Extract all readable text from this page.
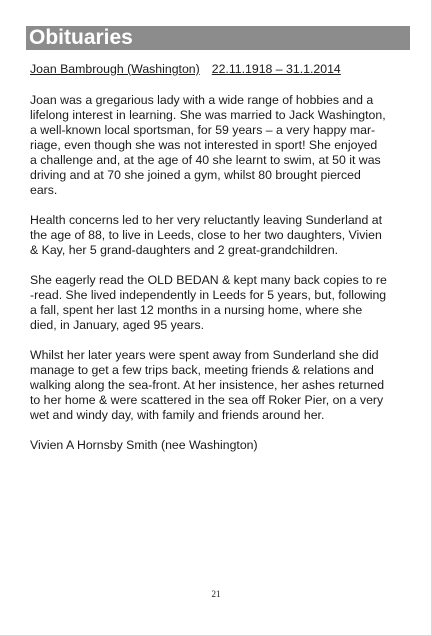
Obituaries
Joan Bambrough (Washington) 22.11.1918 – 31.1.2014

Joan was a gregarious lady with a wide range of hobbies and a
lifelong interest in learning. She was married to Jack Washington,
a well-known local sportsman, for 59 years – a very happy mar-
riage, even though she was not interested in sport! She enjoyed
a challenge and, at the age of 40 she learnt to swim, at 50 it was
driving and at 70 she joined a gym, whilst 80 brought pierced
ears.

Health concerns led to her very reluctantly leaving Sunderland at
the age of 88, to live in Leeds, close to her two daughters, Vivien
& Kay, her 5 grand-daughters and 2 great-grandchildren.

She eagerly read the OLD BEDAN & kept many back copies to re
-read. She lived independently in Leeds for 5 years, but, following
a fall, spent her last 12 months in a nursing home, where she
died, in January, aged 95 years.

Whilst her later years were spent away from Sunderland she did
manage to get a few trips back, meeting friends & relations and
walking along the sea-front. At her insistence, her ashes returned
to her home & were scattered in the sea off Roker Pier, on a very
wet and windy day, with family and friends around her.

Vivien A Hornsby Smith (nee Washington)

21
